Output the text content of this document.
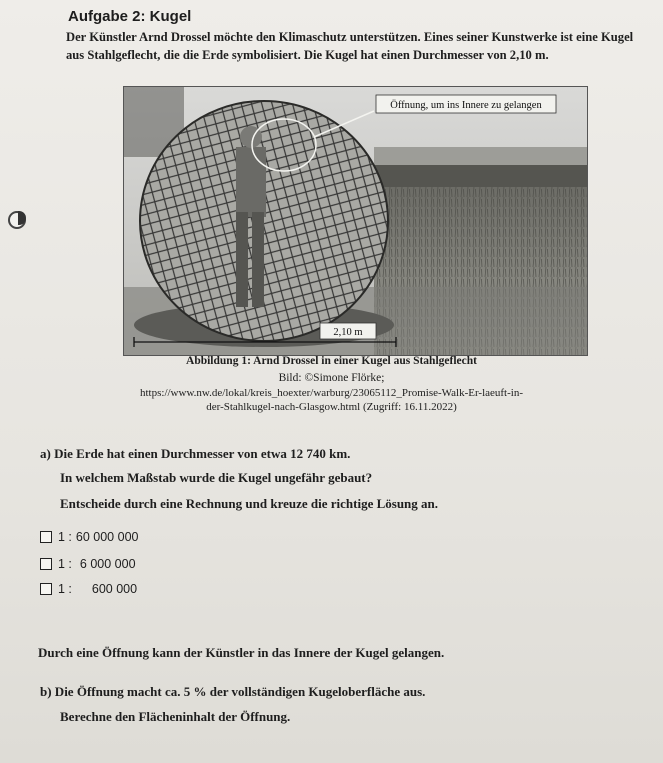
Aufgabe 2: Kugel
Der Künstler Arnd Drossel möchte den Klimaschutz unterstützen. Eines seiner Kunstwerke ist eine Kugel aus Stahlgeflecht, die die Erde symbolisiert. Die Kugel hat einen Durchmesser von 2,10 m.
Öffnung, um ins Innere zu gelangen
2,10 m
Abbildung 1: Arnd Drossel in einer Kugel aus Stahlgeflecht
Bild: ©Simone Flörke;
https://www.nw.de/lokal/kreis_hoexter/warburg/23065112_Promise-Walk-Er-laeuft-in-
der-Stahlkugel-nach-Glasgow.html (Zugriff: 16.11.2022)
a) Die Erde hat einen Durchmesser von etwa 12 740 km.
In welchem Maßstab wurde die Kugel ungefähr gebaut?
Entscheide durch eine Rechnung und kreuze die richtige Lösung an.
1 : 60 000 000
1 : 6 000 000
1 : 600 000
Durch eine Öffnung kann der Künstler in das Innere der Kugel gelangen.
b) Die Öffnung macht ca. 5 % der vollständigen Kugeloberfläche aus.
Berechne den Flächeninhalt der Öffnung.
